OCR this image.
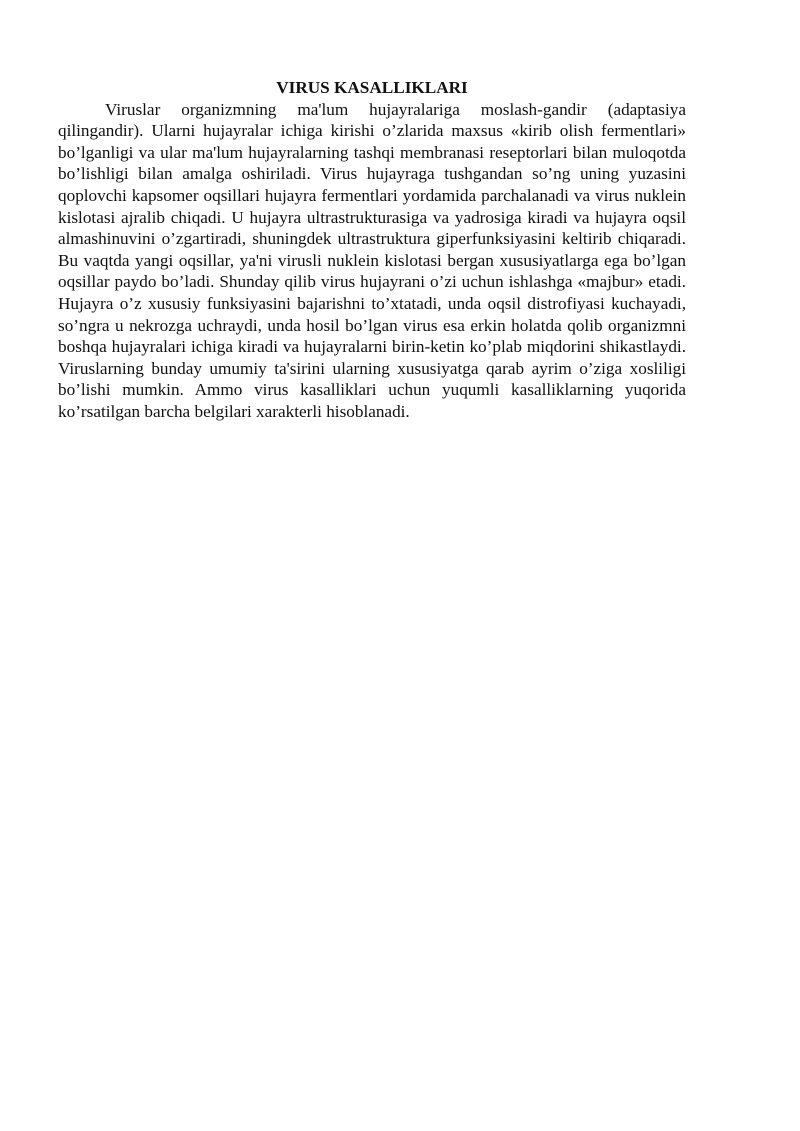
VIRUS KASALLIKLARI

Viruslar organizmning ma'lum hujayralariga moslash-gandir (adaptasiya qilingandir). Ularni hujayralar ichiga kirishi o’zlarida maxsus «kirib olish fermentlari» bo’lganligi va ular ma'lum hujayralarning tashqi membranasi reseptorlari bilan muloqotda bo’lishligi bilan amalga oshiriladi. Virus hujayraga tushgandan so’ng uning yuzasini qoplovchi kapsomer oqsillari hujayra fermentlari yordamida parchalanadi va virus nuklein kislotasi ajralib chiqadi. U hujayra ultrastrukturasiga va yadrosiga kiradi va hujayra oqsil almashinuvini o’zgartiradi, shuningdek ultrastruktura giperfunksiyasini keltirib chiqaradi. Bu vaqtda yangi oqsillar, ya'ni virusli nuklein kislotasi bergan xususiyatlarga ega bo’lgan oqsillar paydo bo’ladi. Shunday qilib virus hujayrani o’zi uchun ishlashga «majbur» etadi. Hujayra o’z xususiy funksiyasini bajarishni to’xtatadi, unda oqsil distrofiyasi kuchayadi, so’ngra u nekrozga uchraydi, unda hosil bo’lgan virus esa erkin holatda qolib organizmni boshqa hujayralari ichiga kiradi va hujayralarni birin-ketin ko’plab miqdorini shikastlaydi. Viruslarning bunday umumiy ta'sirini ularning xususiyatga qarab ayrim o’ziga xosliligi bo’lishi mumkin. Ammo virus kasalliklari uchun yuqumli kasalliklarning yuqorida ko’rsatilgan barcha belgilari xarakterli hisoblanadi.
